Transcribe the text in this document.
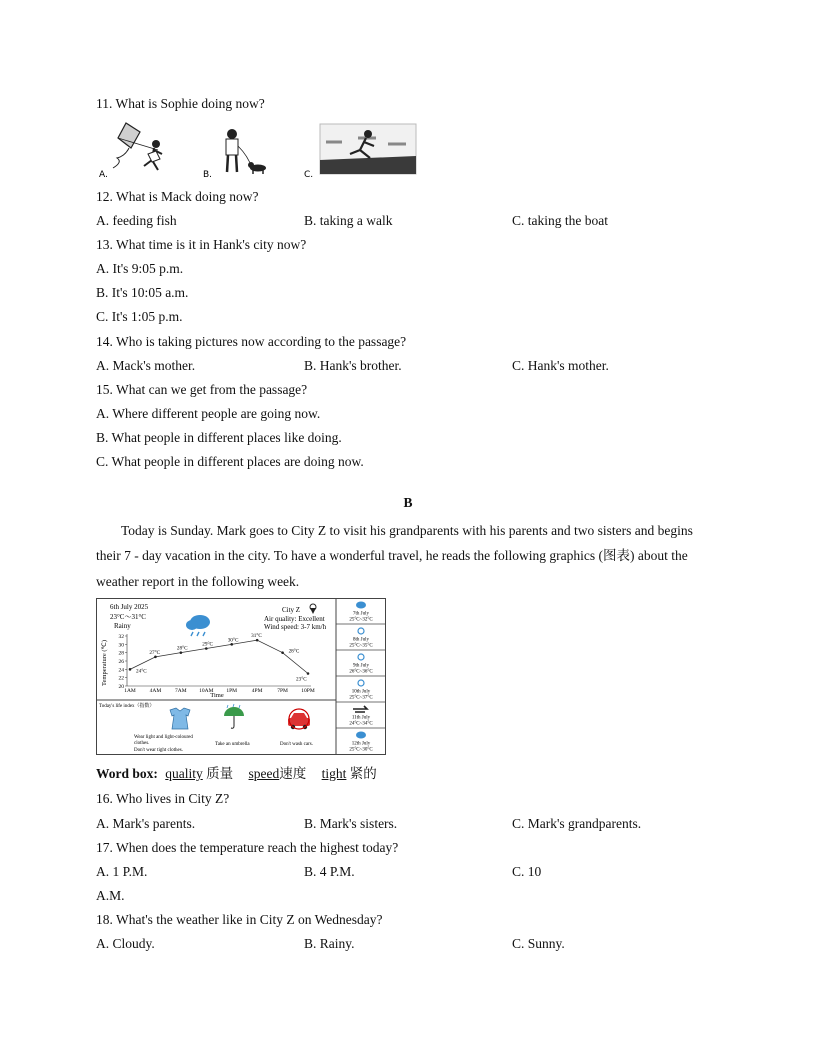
11. What is Sophie doing now?
A.	B.	C.
12. What is Mack doing now?
A. feeding fish	B. taking a walk	C. taking the boat
13. What time is it in Hank's city now?
A. It's 9:05 p.m.
B. It's 10:05 a.m.
C. It's 1:05 p.m.
14. Who is taking pictures now according to the passage?
A. Mack's mother.	B. Hank's brother.	C. Hank's mother.
15. What can we get from the passage?
A. Where different people are going now.
B. What people in different places like doing.
C. What people in different places are doing now.
B
Today is Sunday. Mark goes to City Z to visit his grandparents with his parents and two sisters and begins
their 7 - day vacation in the city. To have a wonderful travel, he reads the following graphics (图表) about the
weather report in the following week.
6th July 2025
23°C～31°C
Rainy
City Z
Air quality: Excellent
Wind speed: 3-7 km/h
Temperature (℃)
Time
20
22
24
26
28
30
32
1AM	4AM	7AM 10AM 1PM	4PM	7PM 10PM
24°C
27°C
28°C
29°C
30°C
31°C
28°C
23°C
Today's life index（指数）
Wear light and light-coloured
clothes.
Don't wear tight clothes.
Take an umbrella	Don't wash cars.
7th July
25°C~32°C
8th July
25°C~35°C
9th July
26°C~36°C
10th July
25°C~37°C
11th July
24°C~34°C
12th July
25°C~30°C
Word box: quality 质量 speed速度 tight 紧的
16. Who lives in City Z?
A. Mark's parents.	B. Mark's sisters.	C. Mark's grandparents.
17. When does the temperature reach the highest today?
A. 1 P.M.	B. 4 P.M.	C. 10
A.M.
18. What's the weather like in City Z on Wednesday?
A. Cloudy.	B. Rainy.	C. Sunny.
